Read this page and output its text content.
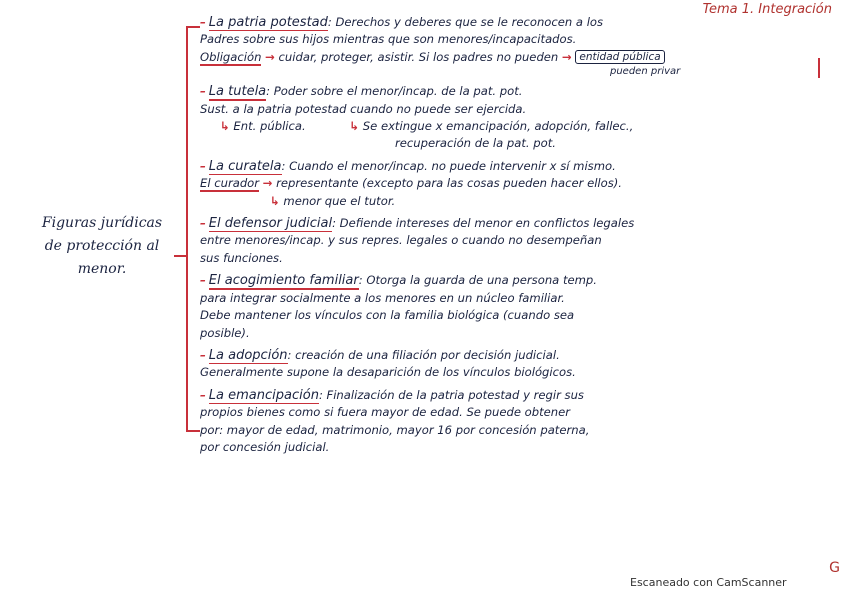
Tema 1. Integración
Figuras jurídicas
de protección al
menor.
– La patria potestad: Derechos y deberes que se le reconocen a los
Padres sobre sus hijos mientras que son menores/incapacitados.
Obligación → cuidar, proteger, asistir. Si los padres no pueden → entidad pública
pueden privar
– La tutela: Poder sobre el menor/incap. de la pat. pot.
Sust. a la patria potestad cuando no puede ser ejercida.
↳ Ent. pública.	↳ Se extingue x emancipación, adopción, fallec.,
recuperación de la pat. pot.
– La curatela: Cuando el menor/incap. no puede intervenir x sí mismo.
El curador → representante (excepto para las cosas pueden hacer ellos).
↳ menor que el tutor.
– El defensor judicial: Defiende intereses del menor en conflictos legales
entre menores/incap. y sus repres. legales o cuando no desempeñan
sus funciones.
– El acogimiento familiar: Otorga la guarda de una persona temp.
para integrar socialmente a los menores en un núcleo familiar.
Debe mantener los vínculos con la familia biológica (cuando sea
posible).
– La adopción: creación de una filiación por decisión judicial.
Generalmente supone la desaparición de los vínculos biológicos.
– La emancipación: Finalización de la patria potestad y regir sus
propios bienes como si fuera mayor de edad. Se puede obtener
por: mayor de edad, matrimonio, mayor 16 por concesión paterna,
por concesión judicial.
Escaneado con CamScanner
G
